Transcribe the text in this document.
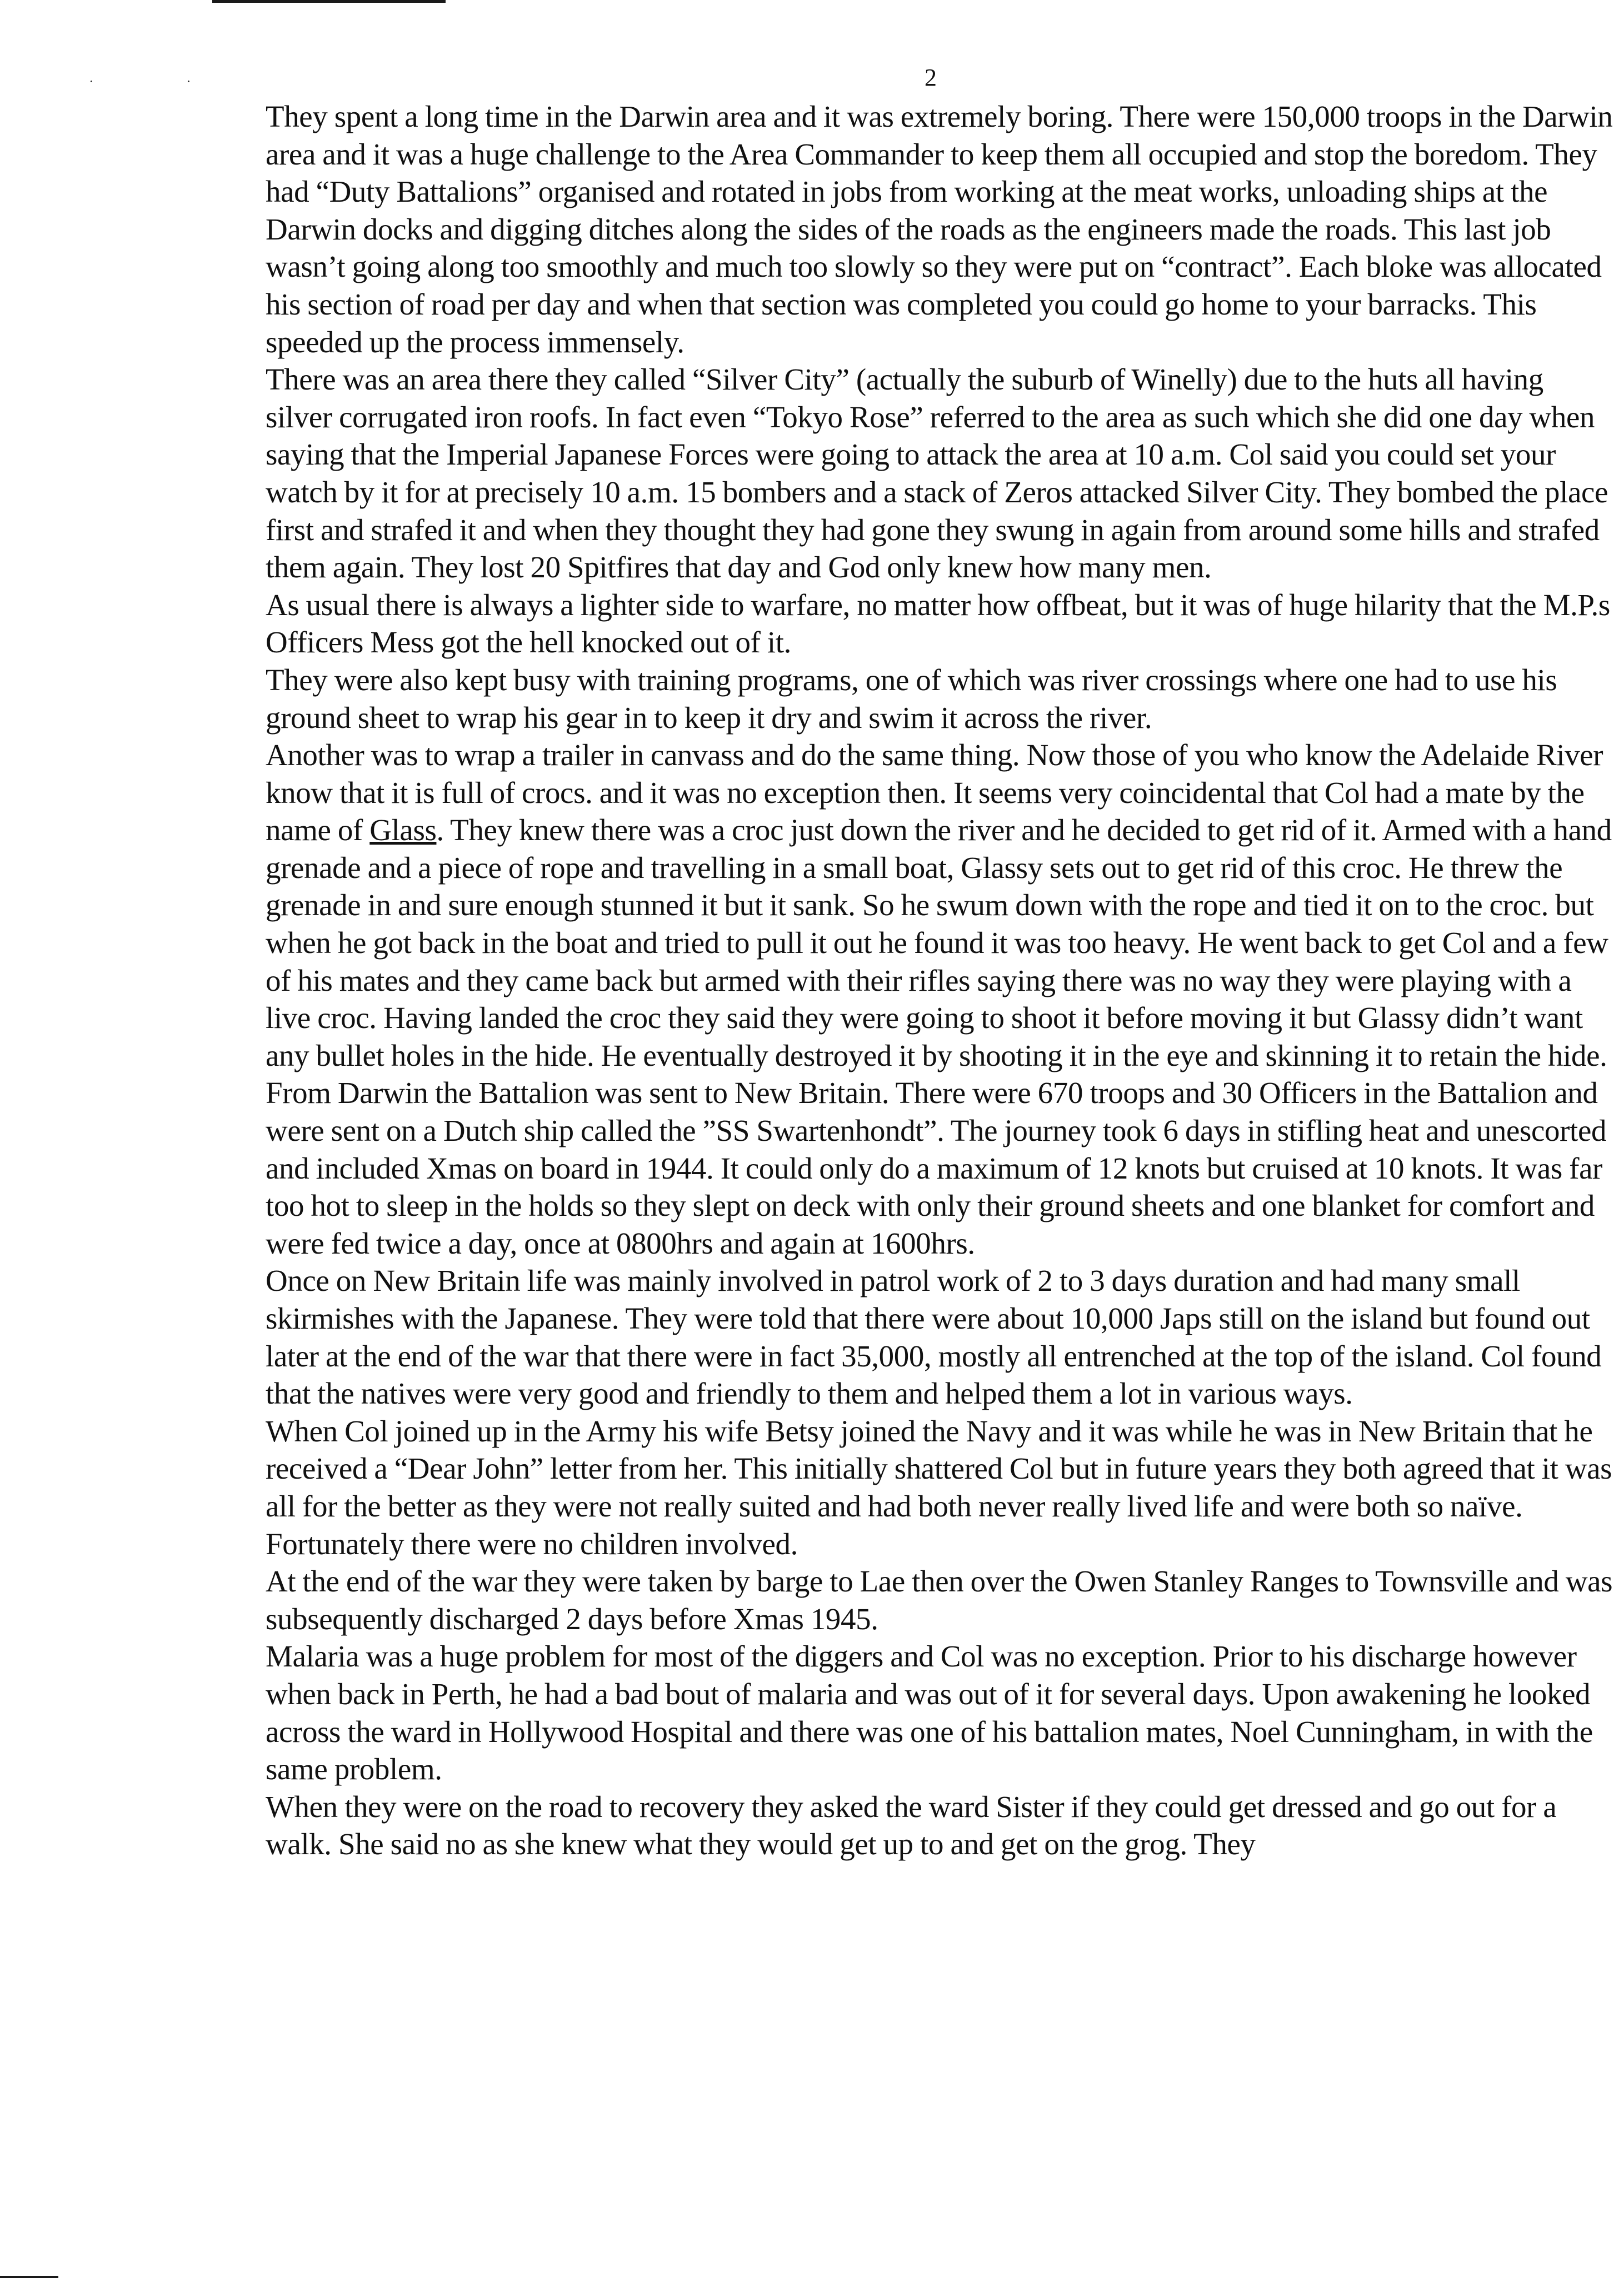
· ·	2

They spent a long time in the Darwin area and it was extremely boring. There were 150,000 troops in the Darwin area and it was a huge challenge to the Area Commander to keep them all occupied and stop the boredom. They had “Duty Battalions” organised and rotated in jobs from working at the meat works, unloading ships at the Darwin docks and digging ditches along the sides of the roads as the engineers made the roads. This last job wasn’t going along too smoothly and much too slowly so they were put on “contract”. Each bloke was allocated his section of road per day and when that section was completed you could go home to your barracks. This speeded up the process immensely.

There was an area there they called “Silver City” (actually the suburb of Winelly) due to the huts all having silver corrugated iron roofs. In fact even “Tokyo Rose” referred to the area as such which she did one day when saying that the Imperial Japanese Forces were going to attack the area at 10 a.m. Col said you could set your watch by it for at precisely 10 a.m. 15 bombers and a stack of Zeros attacked Silver City. They bombed the place first and strafed it and when they thought they had gone they swung in again from around some hills and strafed them again. They lost 20 Spitfires that day and God only knew how many men.

As usual there is always a lighter side to warfare, no matter how offbeat, but it was of huge hilarity that the M.P.s Officers Mess got the hell knocked out of it.

They were also kept busy with training programs, one of which was river crossings where one had to use his ground sheet to wrap his gear in to keep it dry and swim it across the river.

Another was to wrap a trailer in canvass and do the same thing. Now those of you who know the Adelaide River know that it is full of crocs. and it was no exception then. It seems very coincidental that Col had a mate by the name of Glass. They knew there was a croc just down the river and he decided to get rid of it. Armed with a hand grenade and a piece of rope and travelling in a small boat, Glassy sets out to get rid of this croc. He threw the grenade in and sure enough stunned it but it sank. So he swum down with the rope and tied it on to the croc. but when he got back in the boat and tried to pull it out he found it was too heavy. He went back to get Col and a few of his mates and they came back but armed with their rifles saying there was no way they were playing with a live croc. Having landed the croc they said they were going to shoot it before moving it but Glassy didn’t want any bullet holes in the hide. He eventually destroyed it by shooting it in the eye and skinning it to retain the hide.

From Darwin the Battalion was sent to New Britain. There were 670 troops and 30 Officers in the Battalion and were sent on a Dutch ship called the ”SS Swartenhondt”. The journey took 6 days in stifling heat and unescorted and included Xmas on board in 1944. It could only do a maximum of 12 knots but cruised at 10 knots. It was far too hot to sleep in the holds so they slept on deck with only their ground sheets and one blanket for comfort and were fed twice a day, once at 0800hrs and again at 1600hrs.

Once on New Britain life was mainly involved in patrol work of 2 to 3 days duration and had many small skirmishes with the Japanese. They were told that there were about 10,000 Japs still on the island but found out later at the end of the war that there were in fact 35,000, mostly all entrenched at the top of the island. Col found that the natives were very good and friendly to them and helped them a lot in various ways.

When Col joined up in the Army his wife Betsy joined the Navy and it was while he was in New Britain that he received a “Dear John” letter from her. This initially shattered Col but in future years they both agreed that it was all for the better as they were not really suited and had both never really lived life and were both so naïve. Fortunately there were no children involved.

At the end of the war they were taken by barge to Lae then over the Owen Stanley Ranges to Townsville and was subsequently discharged 2 days before Xmas 1945.

Malaria was a huge problem for most of the diggers and Col was no exception. Prior to his discharge however when back in Perth, he had a bad bout of malaria and was out of it for several days. Upon awakening he looked across the ward in Hollywood Hospital and there was one of his battalion mates, Noel Cunningham, in with the same problem.

When they were on the road to recovery they asked the ward Sister if they could get dressed and go out for a walk. She said no as she knew what they would get up to and get on the grog. They
